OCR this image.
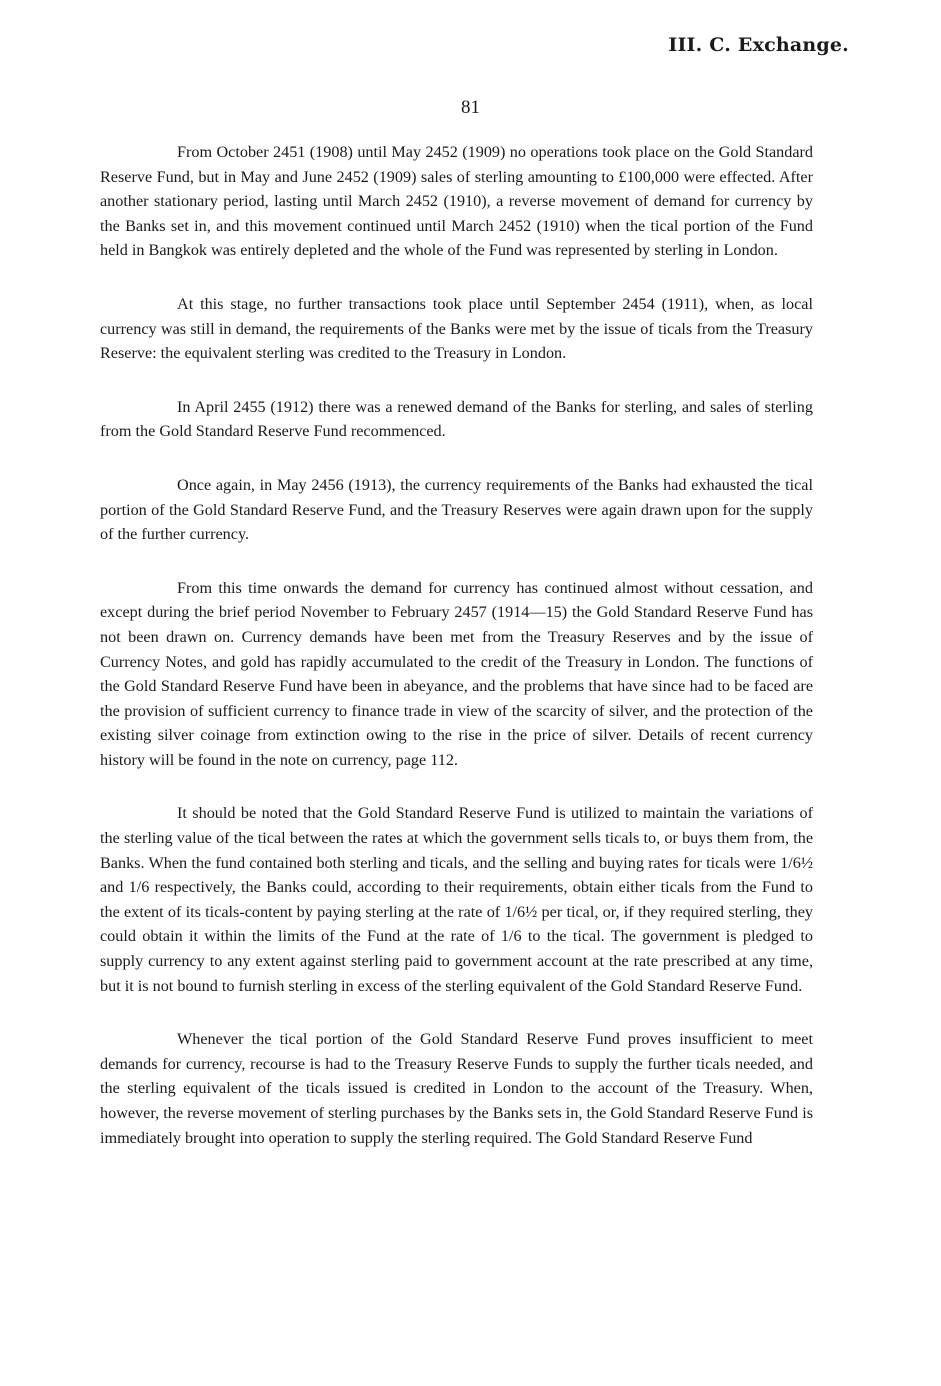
III. C. Exchange.
81

From October 2451 (1908) until May 2452 (1909) no operations took place on the Gold Standard Reserve Fund, but in May and June 2452 (1909) sales of sterling amounting to £100,000 were effected. After another stationary period, lasting until March 2452 (1910), a reverse movement of demand for currency by the Banks set in, and this movement continued until March 2452 (1910) when the tical portion of the Fund held in Bangkok was entirely depleted and the whole of the Fund was represented by sterling in London.

At this stage, no further transactions took place until September 2454 (1911), when, as local currency was still in demand, the requirements of the Banks were met by the issue of ticals from the Treasury Reserve: the equivalent sterling was credited to the Treasury in London.

In April 2455 (1912) there was a renewed demand of the Banks for sterling, and sales of sterling from the Gold Standard Reserve Fund recommenced.

Once again, in May 2456 (1913), the currency requirements of the Banks had exhausted the tical portion of the Gold Standard Reserve Fund, and the Treasury Reserves were again drawn upon for the supply of the further currency.

From this time onwards the demand for currency has continued almost without cessation, and except during the brief period November to February 2457 (1914—15) the Gold Standard Reserve Fund has not been drawn on. Currency demands have been met from the Treasury Reserves and by the issue of Currency Notes, and gold has rapidly accumulated to the credit of the Treasury in London. The functions of the Gold Standard Reserve Fund have been in abeyance, and the problems that have since had to be faced are the provision of sufficient currency to finance trade in view of the scarcity of silver, and the protection of the existing silver coinage from extinction owing to the rise in the price of silver. Details of recent currency history will be found in the note on currency, page 112.

It should be noted that the Gold Standard Reserve Fund is utilized to maintain the variations of the sterling value of the tical between the rates at which the government sells ticals to, or buys them from, the Banks. When the fund contained both sterling and ticals, and the selling and buying rates for ticals were 1/6½ and 1/6 respectively, the Banks could, according to their requirements, obtain either ticals from the Fund to the extent of its ticals-content by paying sterling at the rate of 1/6½ per tical, or, if they required sterling, they could obtain it within the limits of the Fund at the rate of 1/6 to the tical. The government is pledged to supply currency to any extent against sterling paid to government account at the rate prescribed at any time, but it is not bound to furnish sterling in excess of the sterling equivalent of the Gold Standard Reserve Fund.

Whenever the tical portion of the Gold Standard Reserve Fund proves insufficient to meet demands for currency, recourse is had to the Treasury Reserve Funds to supply the further ticals needed, and the sterling equivalent of the ticals issued is credited in London to the account of the Treasury. When, however, the reverse movement of sterling purchases by the Banks sets in, the Gold Standard Reserve Fund is immediately brought into operation to supply the sterling required. The Gold Standard Reserve Fund
